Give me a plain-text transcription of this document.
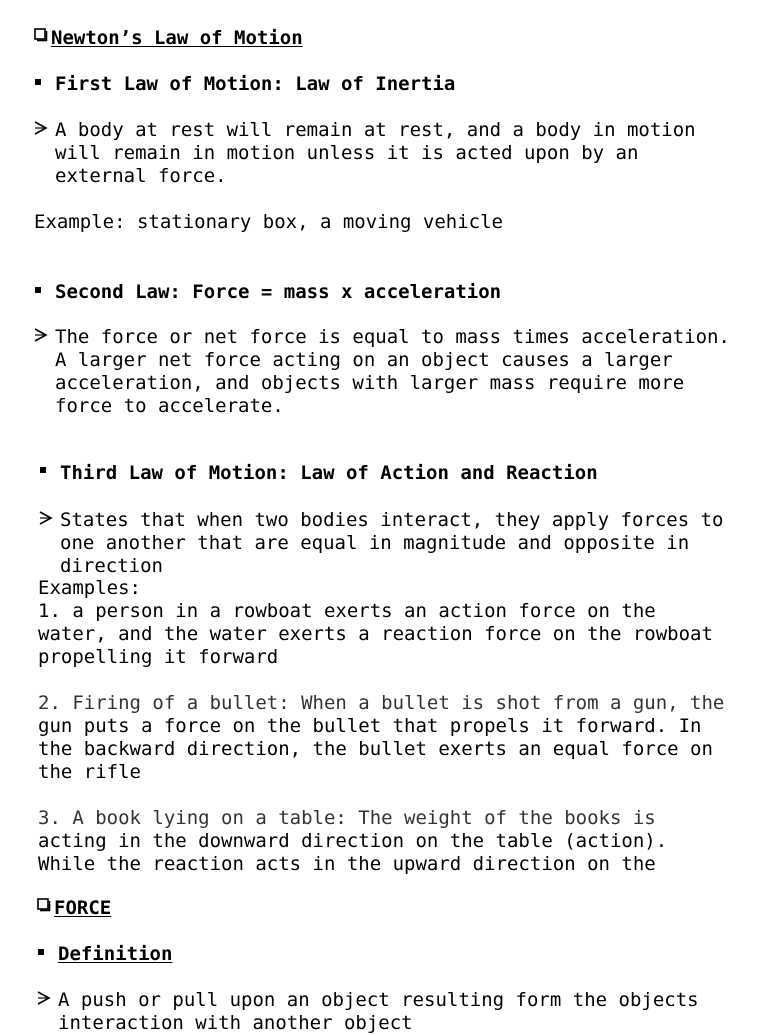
Newton’s Law of Motion
First Law of Motion: Law of Inertia
A body at rest will remain at rest, and a body in motion
will remain in motion unless it is acted upon by an
external force.
Example: stationary box, a moving vehicle
Second Law: Force = mass x acceleration
The force or net force is equal to mass times acceleration.
A larger net force acting on an object causes a larger
acceleration, and objects with larger mass require more
force to accelerate.
Third Law of Motion: Law of Action and Reaction
States that when two bodies interact, they apply forces to
one another that are equal in magnitude and opposite in
direction
Examples:
1. a person in a rowboat exerts an action force on the
water, and the water exerts a reaction force on the rowboat
propelling it forward
2. Firing of a bullet: When a bullet is shot from a gun, the
gun puts a force on the bullet that propels it forward. In
the backward direction, the bullet exerts an equal force on
the rifle
3. A book lying on a table: The weight of the books is
acting in the downward direction on the table (action).
While the reaction acts in the upward direction on the
FORCE
Definition
A push or pull upon an object resulting form the objects
interaction with another object
